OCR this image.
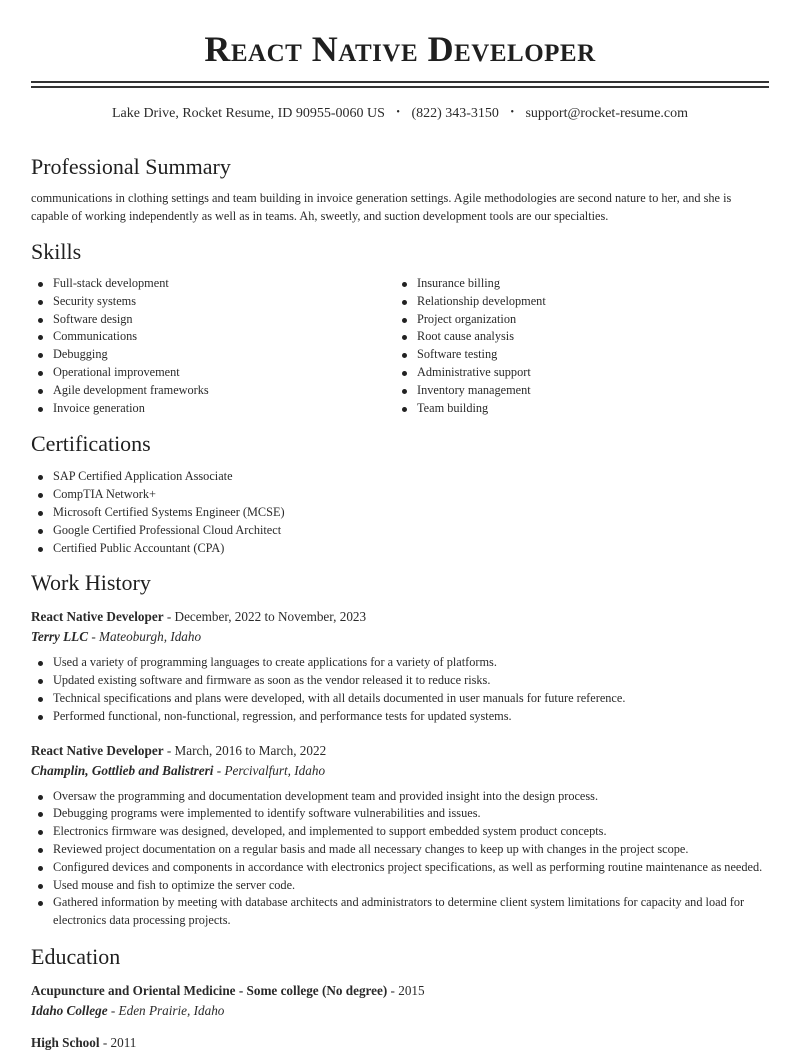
React Native Developer
Lake Drive, Rocket Resume, ID 90955-0060 US • (822) 343-3150 • support@rocket-resume.com
Professional Summary

communications in clothing settings and team building in invoice generation settings. Agile methodologies are second nature to her, and she is capable of working independently as well as in teams. Ah, sweetly, and suction development tools are our specialties.

Skills
Full-stack development
Security systems
Software design
Communications
Debugging
Operational improvement
Agile development frameworks
Invoice generation
Insurance billing
Relationship development
Project organization
Root cause analysis
Software testing
Administrative support
Inventory management
Team building
Certifications
SAP Certified Application Associate
CompTIA Network+
Microsoft Certified Systems Engineer (MCSE)
Google Certified Professional Cloud Architect
Certified Public Accountant (CPA)
Work History
React Native Developer - December, 2022 to November, 2023
Terry LLC - Mateoburgh, Idaho
Used a variety of programming languages to create applications for a variety of platforms.
Updated existing software and firmware as soon as the vendor released it to reduce risks.
Technical specifications and plans were developed, with all details documented in user manuals for future reference.
Performed functional, non-functional, regression, and performance tests for updated systems.
React Native Developer - March, 2016 to March, 2022
Champlin, Gottlieb and Balistreri - Percivalfurt, Idaho
Oversaw the programming and documentation development team and provided insight into the design process.
Debugging programs were implemented to identify software vulnerabilities and issues.
Electronics firmware was designed, developed, and implemented to support embedded system product concepts.
Reviewed project documentation on a regular basis and made all necessary changes to keep up with changes in the project scope.
Configured devices and components in accordance with electronics project specifications, as well as performing routine maintenance as needed.
Used mouse and fish to optimize the server code.
Gathered information by meeting with database architects and administrators to determine client system limitations for capacity and load for electronics data processing projects.
Education
Acupuncture and Oriental Medicine - Some college (No degree) - 2015
Idaho College - Eden Prairie, Idaho
High School - 2011
